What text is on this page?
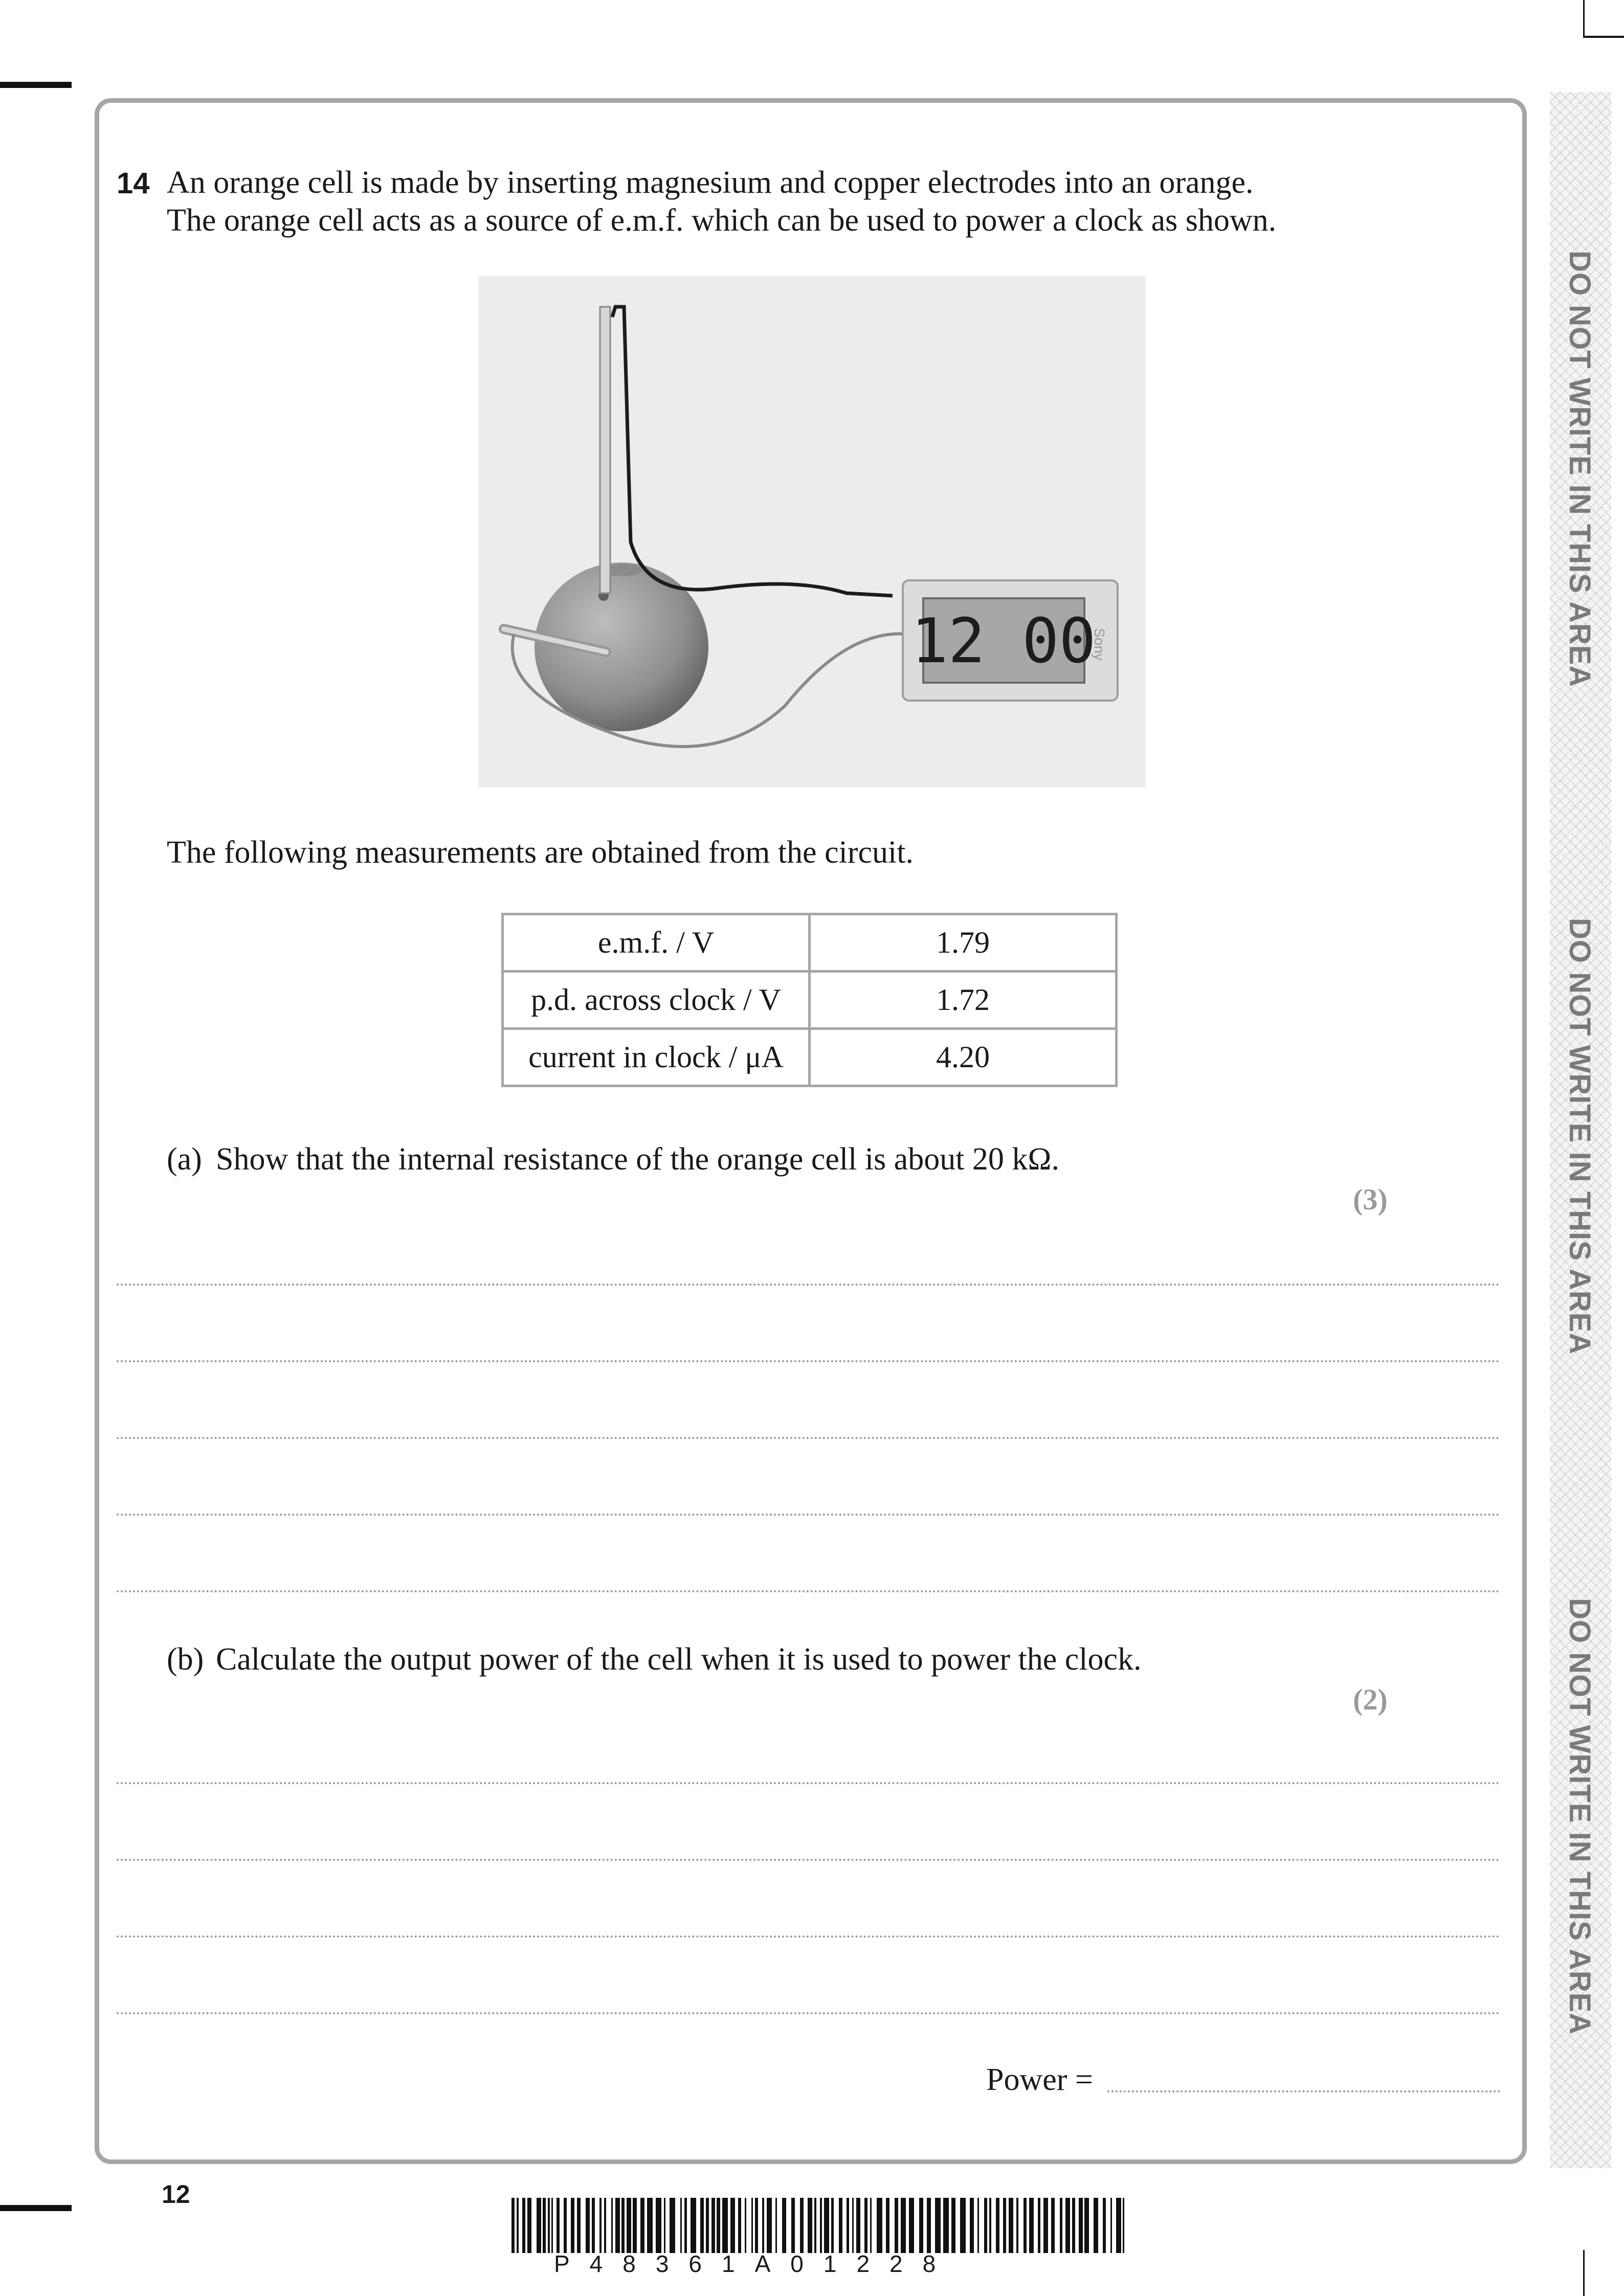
DO NOT WRITE IN THIS AREA
DO NOT WRITE IN THIS AREA
DO NOT WRITE IN THIS AREA
14 An orange cell is made by inserting magnesium and copper electrodes into an orange.
The orange cell acts as a source of e.m.f. which can be used to power a clock as shown.
12 00
Sony
The following measurements are obtained from the circuit.
e.m.f. / V	1.79
p.d. across clock / V	1.72
current in clock / μA	4.20
(a) Show that the internal resistance of the orange cell is about 20 kΩ.
(3)
(b) Calculate the output power of the cell when it is used to power the clock.
(2)
Power =
12
P48361A01228
